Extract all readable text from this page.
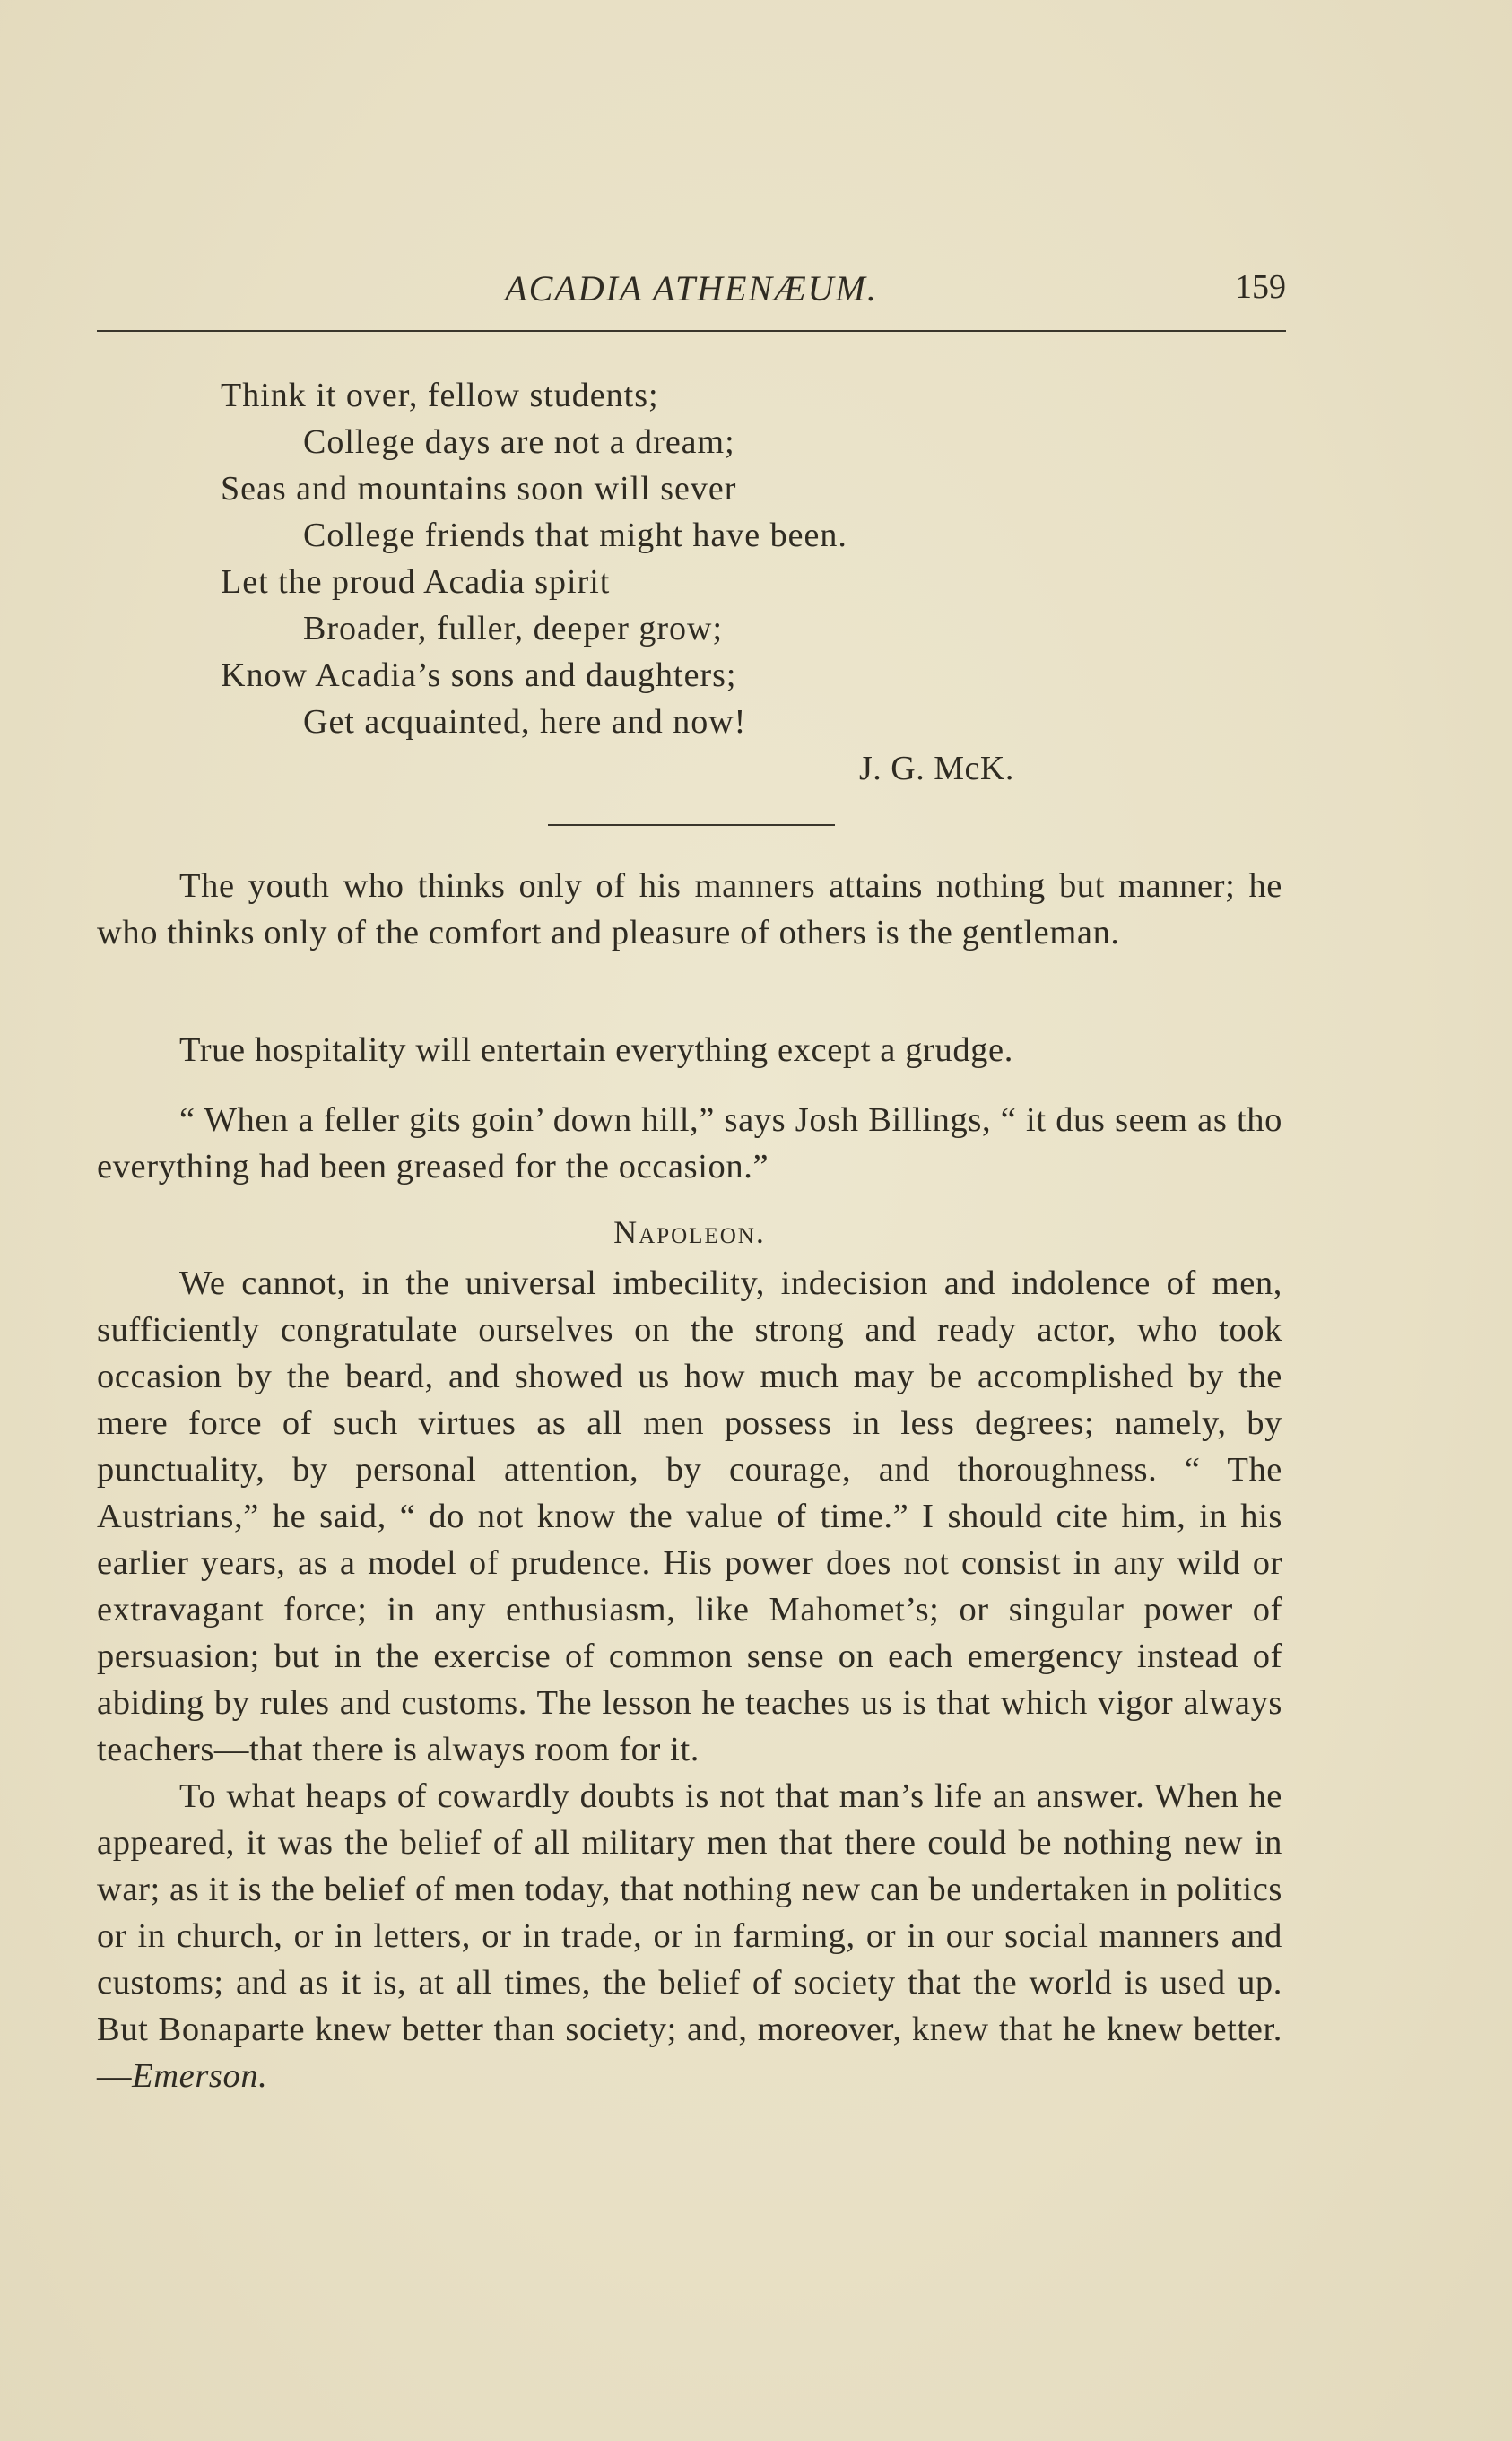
ACADIA ATHENÆUM.	159
Think it over, fellow students;
College days are not a dream;
Seas and mountains soon will sever
College friends that might have been.
Let the proud Acadia spirit
Broader, fuller, deeper grow;
Know Acadia’s sons and daughters;
Get acquainted, here and now!
J. G. McK.

The youth who thinks only of his manners attains nothing but manner; he who thinks only of the comfort and pleasure of others is the gentleman.

True hospitality will entertain everything except a grudge.

“ When a feller gits goin’ down hill,” says Josh Billings, “ it dus seem as tho everything had been greased for the occasion.”

Napoleon.

We cannot, in the universal imbecility, indecision and indolence of men, sufficiently congratulate ourselves on the strong and ready actor, who took occasion by the beard, and showed us how much may be accomplished by the mere force of such virtues as all men possess in less degrees; namely, by punctuality, by personal attention, by courage, and thoroughness. “ The Austrians,” he said, “ do not know the value of time.” I should cite him, in his earlier years, as a model of prudence. His power does not consist in any wild or extravagant force; in any enthusiasm, like Mahomet’s; or singular power of persuasion; but in the exercise of common sense on each emergency instead of abiding by rules and customs. The lesson he teaches us is that which vigor always teachers—that there is always room for it.

To what heaps of cowardly doubts is not that man’s life an answer. When he appeared, it was the belief of all military men that there could be nothing new in war; as it is the belief of men today, that nothing new can be undertaken in politics or in church, or in letters, or in trade, or in farming, or in our social manners and customs; and as it is, at all times, the belief of society that the world is used up. But Bonaparte knew better than society; and, moreover, knew that he knew better.—Emerson.
